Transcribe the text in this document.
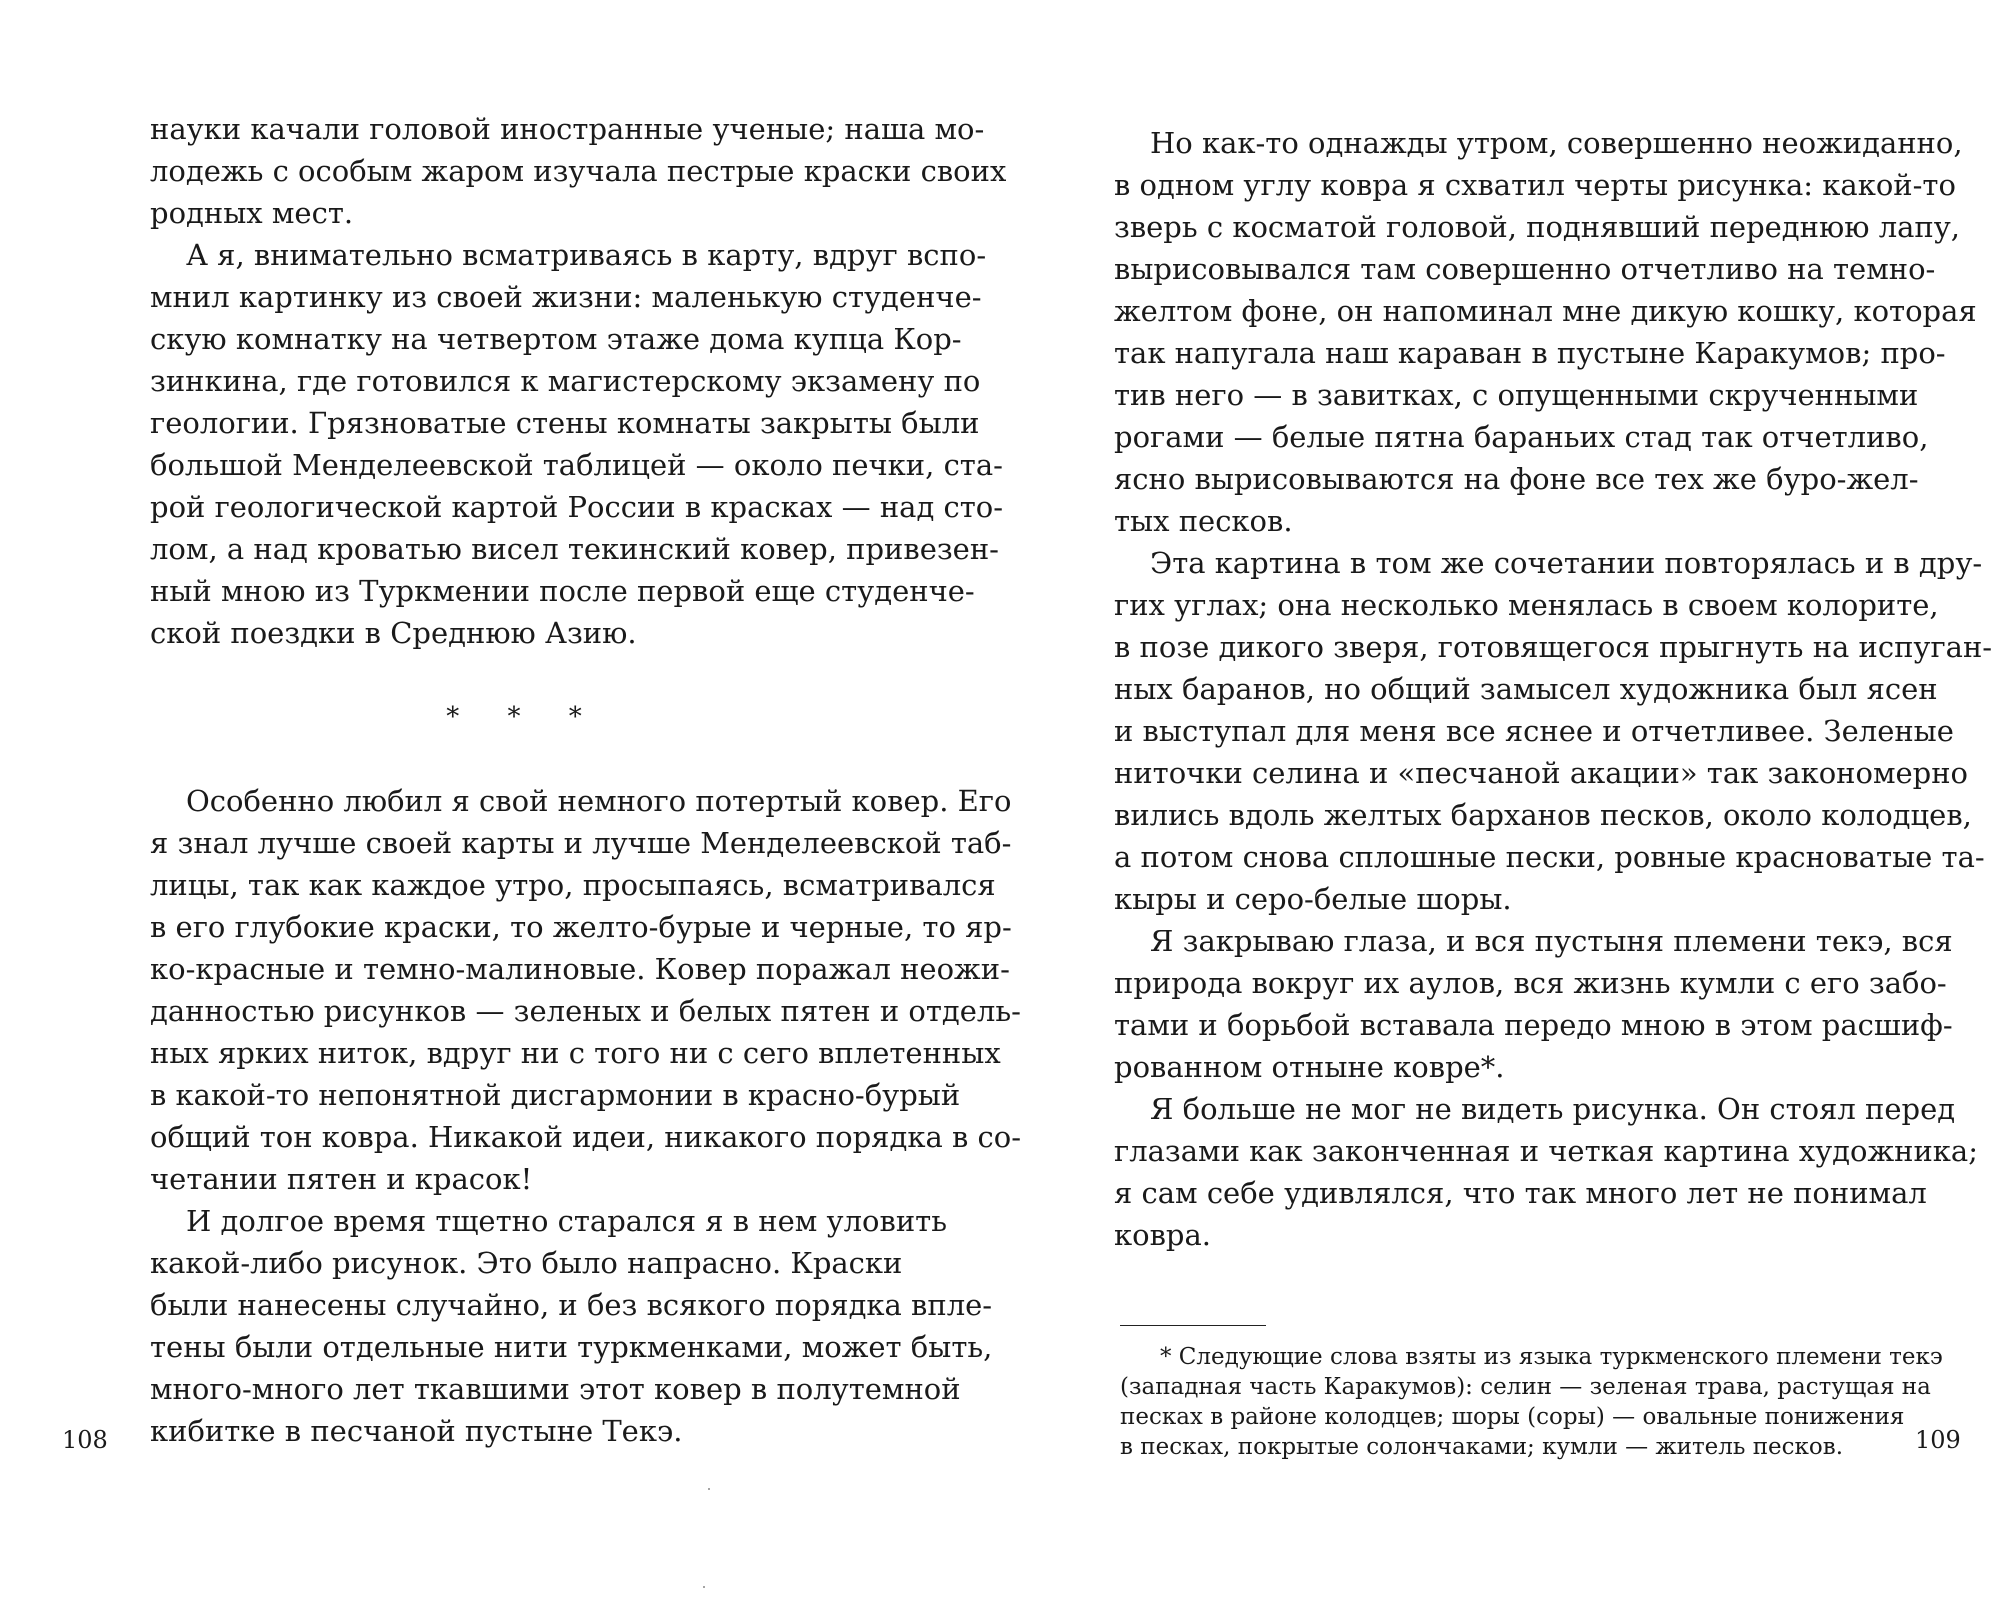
науки качали головой иностранные ученые; наша мо-
лодежь с особым жаром изучала пестрые краски своих
родных мест.
А я, внимательно всматриваясь в карту, вдруг вспо-
мнил картинку из своей жизни: маленькую студенче-
скую комнатку на четвертом этаже дома купца Кор-
зинкина, где готовился к магистерскому экзамену по
геологии. Грязноватые стены комнаты закрыты были
большой Менделеевской таблицей — около печки, ста-
рой геологической картой России в красках — над сто-
лом, а над кроватью висел текинский ковер, привезен-
ный мною из Туркмении после первой еще студенче-
ской поездки в Среднюю Азию.
* * *
Особенно любил я свой немного потертый ковер. Его
я знал лучше своей карты и лучше Менделеевской таб-
лицы, так как каждое утро, просыпаясь, всматривался
в его глубокие краски, то желто-бурые и черные, то яр-
ко-красные и темно-малиновые. Ковер поражал неожи-
данностью рисунков — зеленых и белых пятен и отдель-
ных ярких ниток, вдруг ни с того ни с сего вплетенных
в какой-то непонятной дисгармонии в красно-бурый
общий тон ковра. Никакой идеи, никакого порядка в со-
четании пятен и красок!
И долгое время тщетно старался я в нем уловить
какой-либо рисунок. Это было напрасно. Краски
были нанесены случайно, и без всякого порядка впле-
тены были отдельные нити туркменками, может быть,
много-много лет ткавшими этот ковер в полутемной
кибитке в песчаной пустыне Текэ.
108
Но как-то однажды утром, совершенно неожиданно,
в одном углу ковра я схватил черты рисунка: какой-то
зверь с косматой головой, поднявший переднюю лапу,
вырисовывался там совершенно отчетливо на темно-
желтом фоне, он напоминал мне дикую кошку, которая
так напугала наш караван в пустыне Каракумов; про-
тив него — в завитках, с опущенными скрученными
рогами — белые пятна бараньих стад так отчетливо,
ясно вырисовываются на фоне все тех же буро-жел-
тых песков.
Эта картина в том же сочетании повторялась и в дру-
гих углах; она несколько менялась в своем колорите,
в позе дикого зверя, готовящегося прыгнуть на испуган-
ных баранов, но общий замысел художника был ясен
и выступал для меня все яснее и отчетливее. Зеленые
ниточки селина и «песчаной акации» так закономерно
вились вдоль желтых барханов песков, около колодцев,
а потом снова сплошные пески, ровные красноватые та-
кыры и серо-белые шоры.
Я закрываю глаза, и вся пустыня племени текэ, вся
природа вокруг их аулов, вся жизнь кумли с его забо-
тами и борьбой вставала передо мною в этом расшиф-
рованном отныне ковре*.
Я больше не мог не видеть рисунка. Он стоял перед
глазами как законченная и четкая картина художника;
я сам себе удивлялся, что так много лет не понимал
ковра.
* Следующие слова взяты из языка туркменского племени текэ
(западная часть Каракумов): селин — зеленая трава, растущая на
песках в районе колодцев; шоры (соры) — овальные понижения
в песках, покрытые солончаками; кумли — житель песков.	109
